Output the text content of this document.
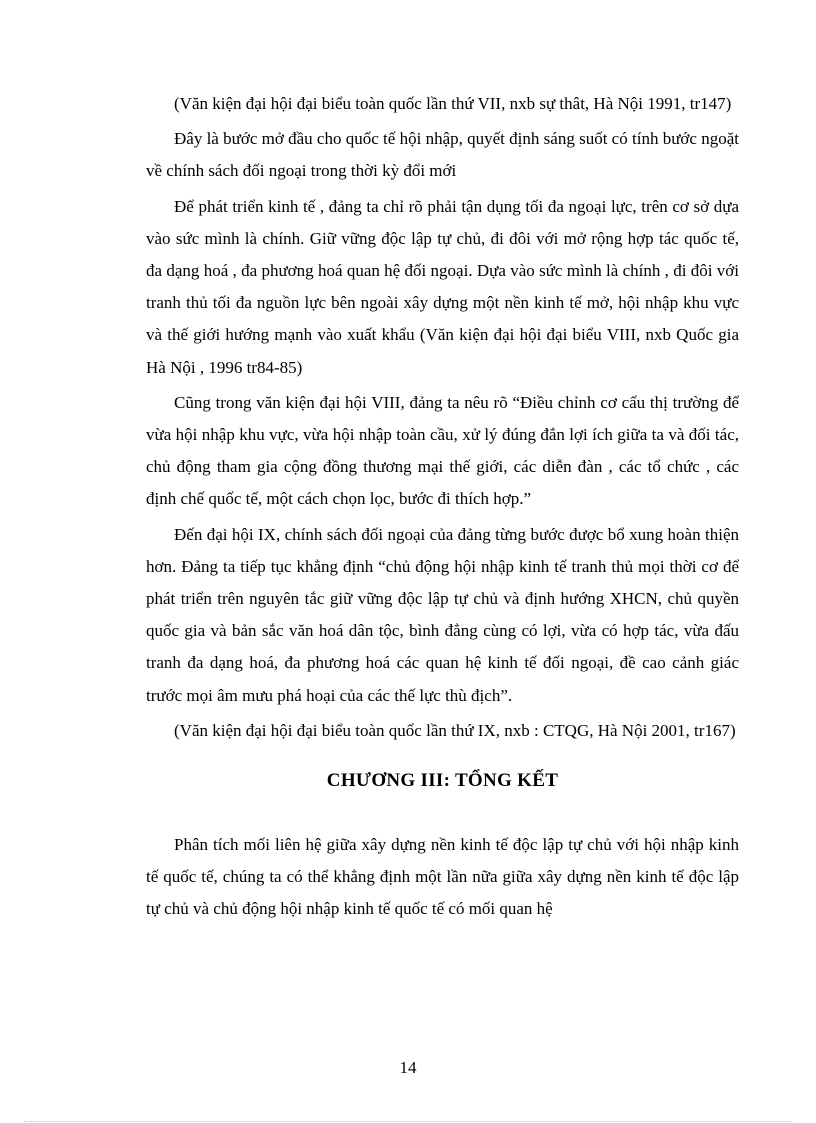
(Văn kiện đại hội đại biểu toàn quốc lần thứ VII, nxb sự thât, Hà Nội 1991, tr147)

Đây là bước mở đầu cho quốc tế hội nhập, quyết định sáng suốt có tính bước ngoặt về chính sách đối ngoại trong thời kỳ đổi mới

Để phát triển kinh tế , đảng ta chỉ rõ phải tận dụng tối đa ngoại lực, trên cơ sở dựa vào sức mình là chính. Giữ vững độc lập tự chủ, đi đôi với mở rộng hợp tác quốc tế, đa dạng hoá , đa phương hoá quan hệ đối ngoại. Dựa vào sức mình là chính , đi đôi với tranh thủ tối đa nguồn lực bên ngoài xây dựng một nền kinh tế mở, hội nhập khu vực và thế giới hướng mạnh vào xuất khẩu (Văn kiện đại hội đại biểu VIII, nxb Quốc gia Hà Nội , 1996 tr84-85)

Cũng trong văn kiện đại hội VIII, đảng ta nêu rõ “Điều chỉnh cơ cấu thị trường để vừa hội nhập khu vực, vừa hội nhập toàn cầu, xử lý đúng đắn lợi ích giữa ta và đối tác, chủ động tham gia cộng đồng thương mại thế giới, các diễn đàn , các tổ chức , các định chế quốc tế, một cách chọn lọc, bước đi thích hợp.”

Đến đại hội IX, chính sách đối ngoại của đảng từng bước được bổ xung hoàn thiện hơn. Đảng ta tiếp tục khẳng định “chủ động hội nhập kinh tế tranh thủ mọi thời cơ để phát triển trên nguyên tắc giữ vững độc lập tự chủ và định hướng XHCN, chủ quyền quốc gia và bản sắc văn hoá dân tộc, bình đẳng cùng có lợi, vừa có hợp tác, vừa đấu tranh đa dạng hoá, đa phương hoá các quan hệ kinh tế đối ngoại, đề cao cảnh giác trước mọi âm mưu phá hoại của các thế lực thù địch”.

(Văn kiện đại hội đại biểu toàn quốc lần thứ IX, nxb : CTQG, Hà Nội 2001, tr167)

CHƯƠNG III: TỔNG KẾT

Phân tích mối liên hệ giữa xây dựng nền kinh tế độc lập tự chủ với hội nhập kinh tế quốc tế, chúng ta có thể khẳng định một lần nữa giữa xây dựng nền kinh tế độc lập tự chủ và chủ động hội nhập kinh tế quốc tế có mối quan hệ

14
